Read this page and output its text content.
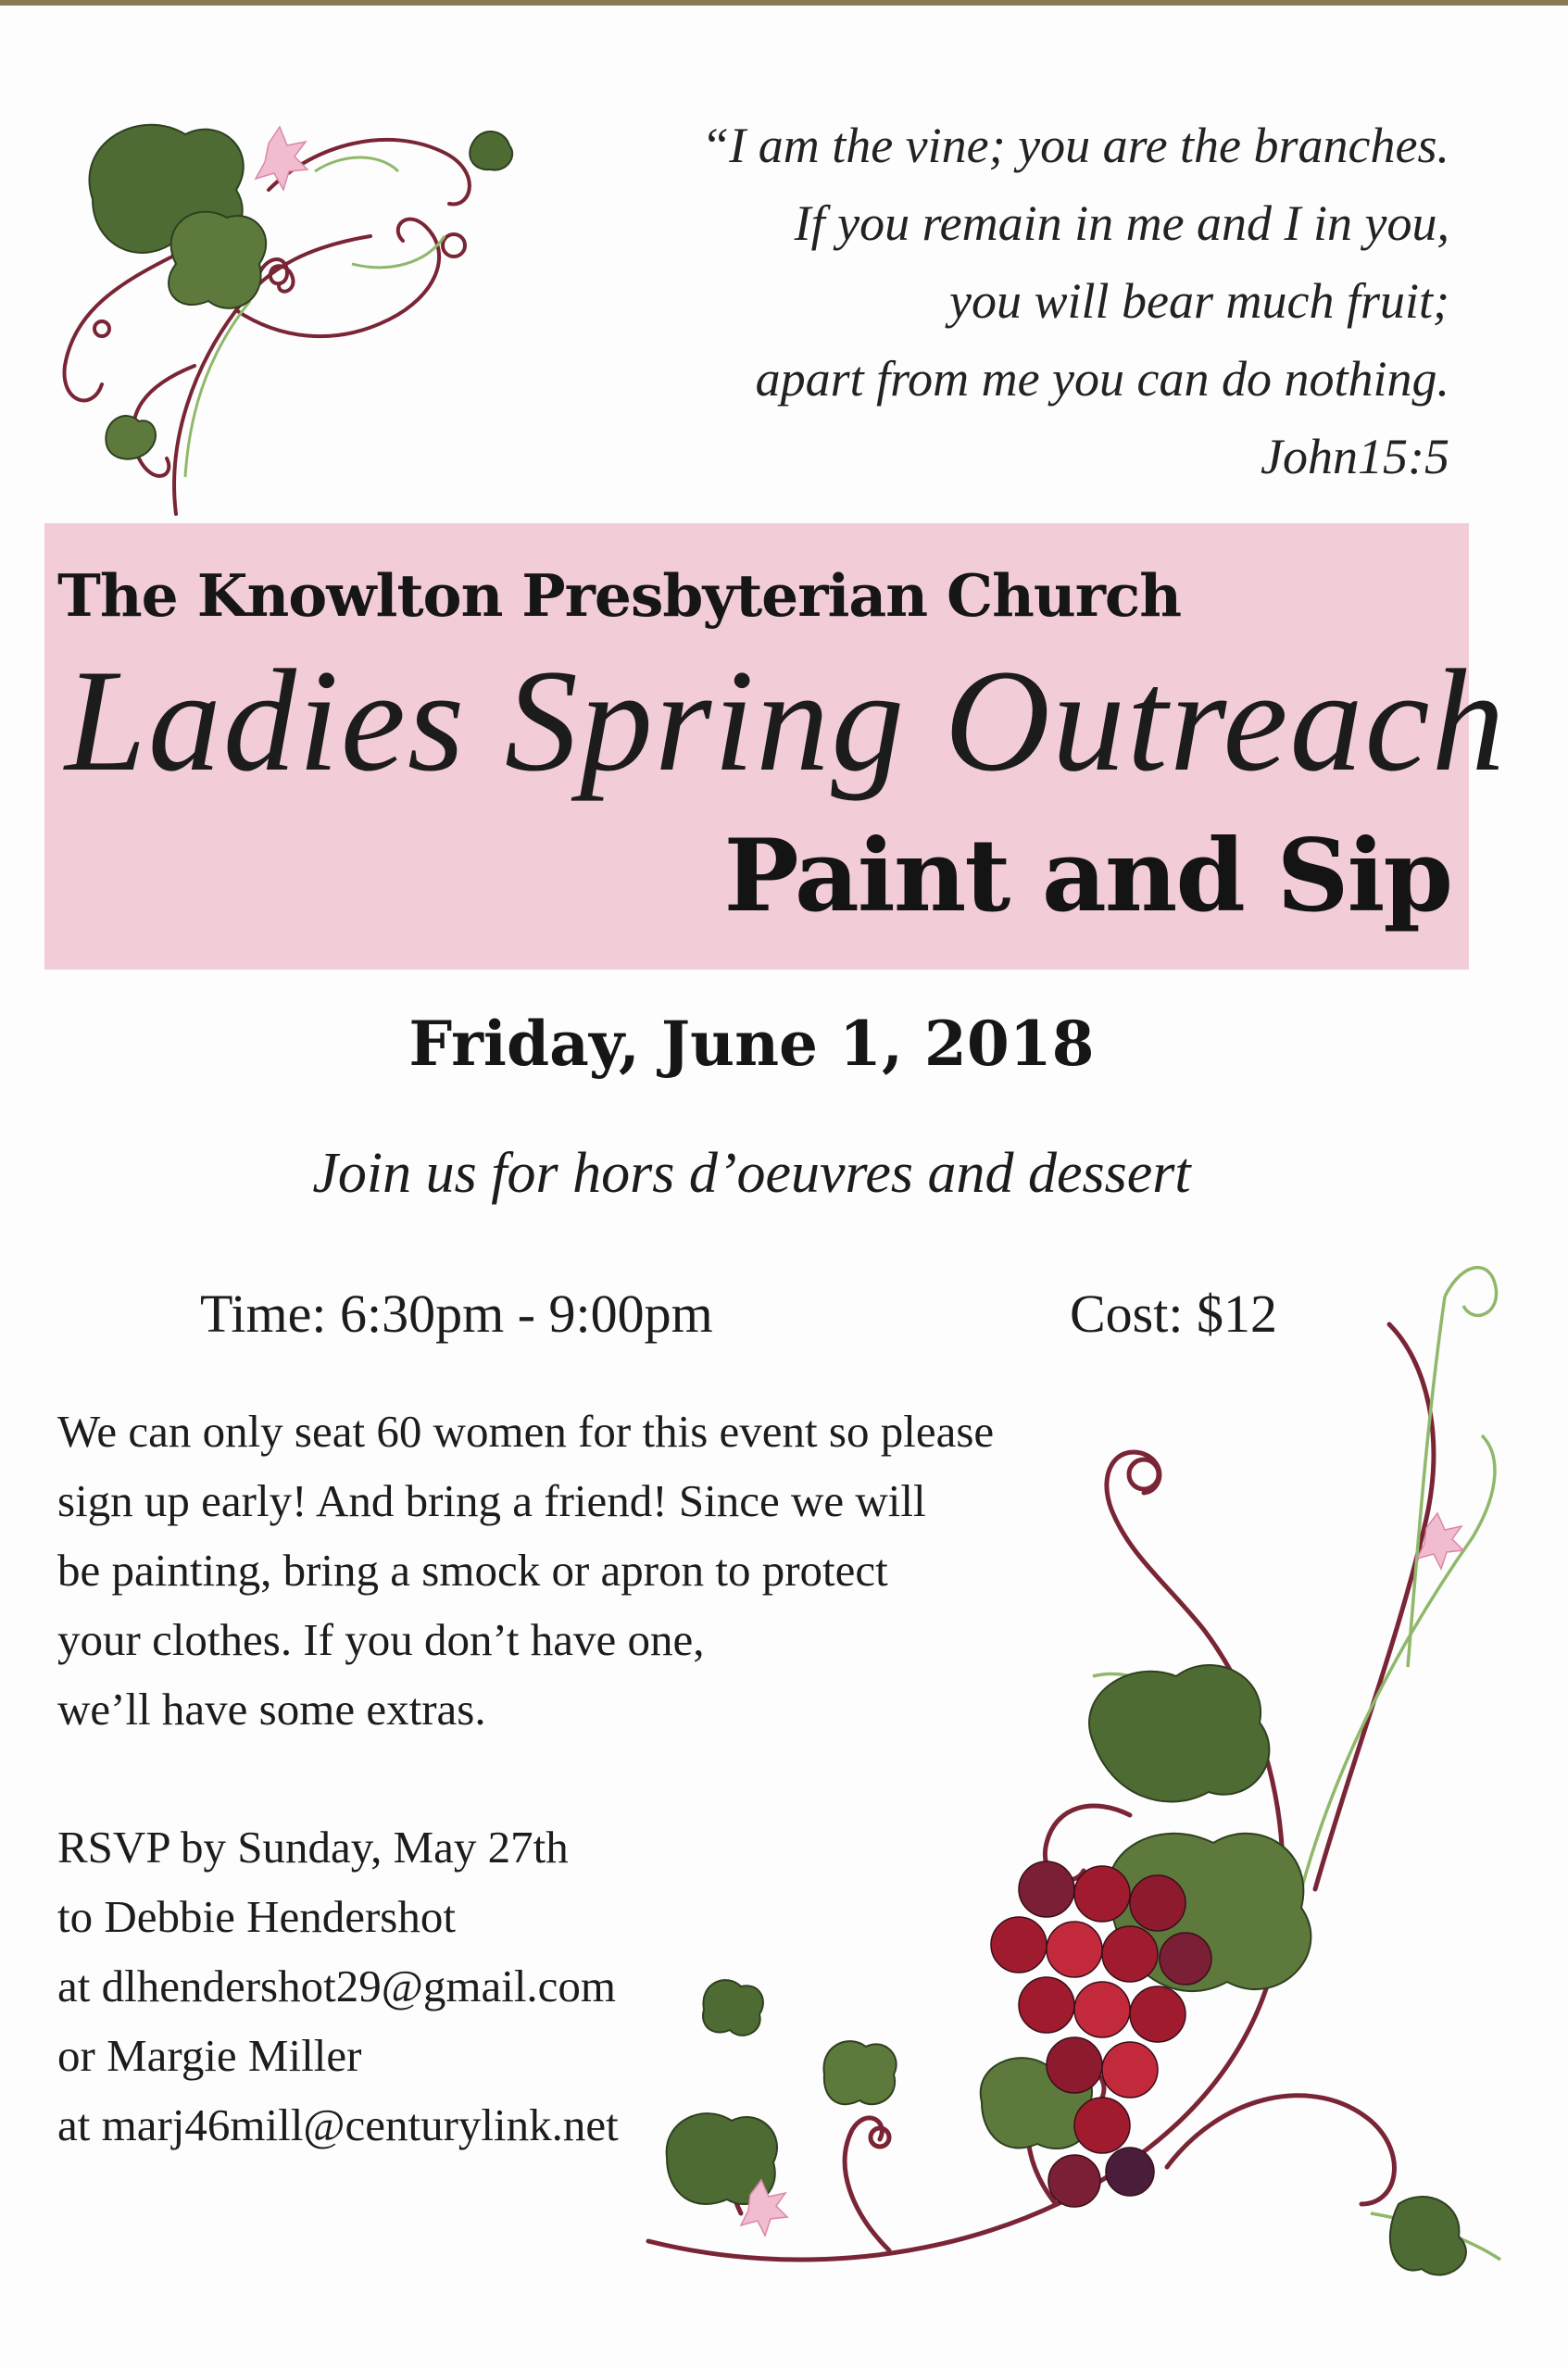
“I am the vine; you are the branches.
If you remain in me and I in you,
you will bear much fruit;
apart from me you can do nothing.
John15:5
The Knowlton Presbyterian Church
Ladies Spring Outreach
Paint and Sip
Friday, June 1, 2018
Join us for hors d’oeuvres and dessert
Time: 6:30pm - 9:00pm	Cost: $12
We can only seat 60 women for this event so please
sign up early! And bring a friend! Since we will
be painting, bring a smock or apron to protect
your clothes. If you don’t have one,
we’ll have some extras.
RSVP by Sunday, May 27th
to Debbie Hendershot
at dlhendershot29@gmail.com
or Margie Miller
at marj46mill@centurylink.net
